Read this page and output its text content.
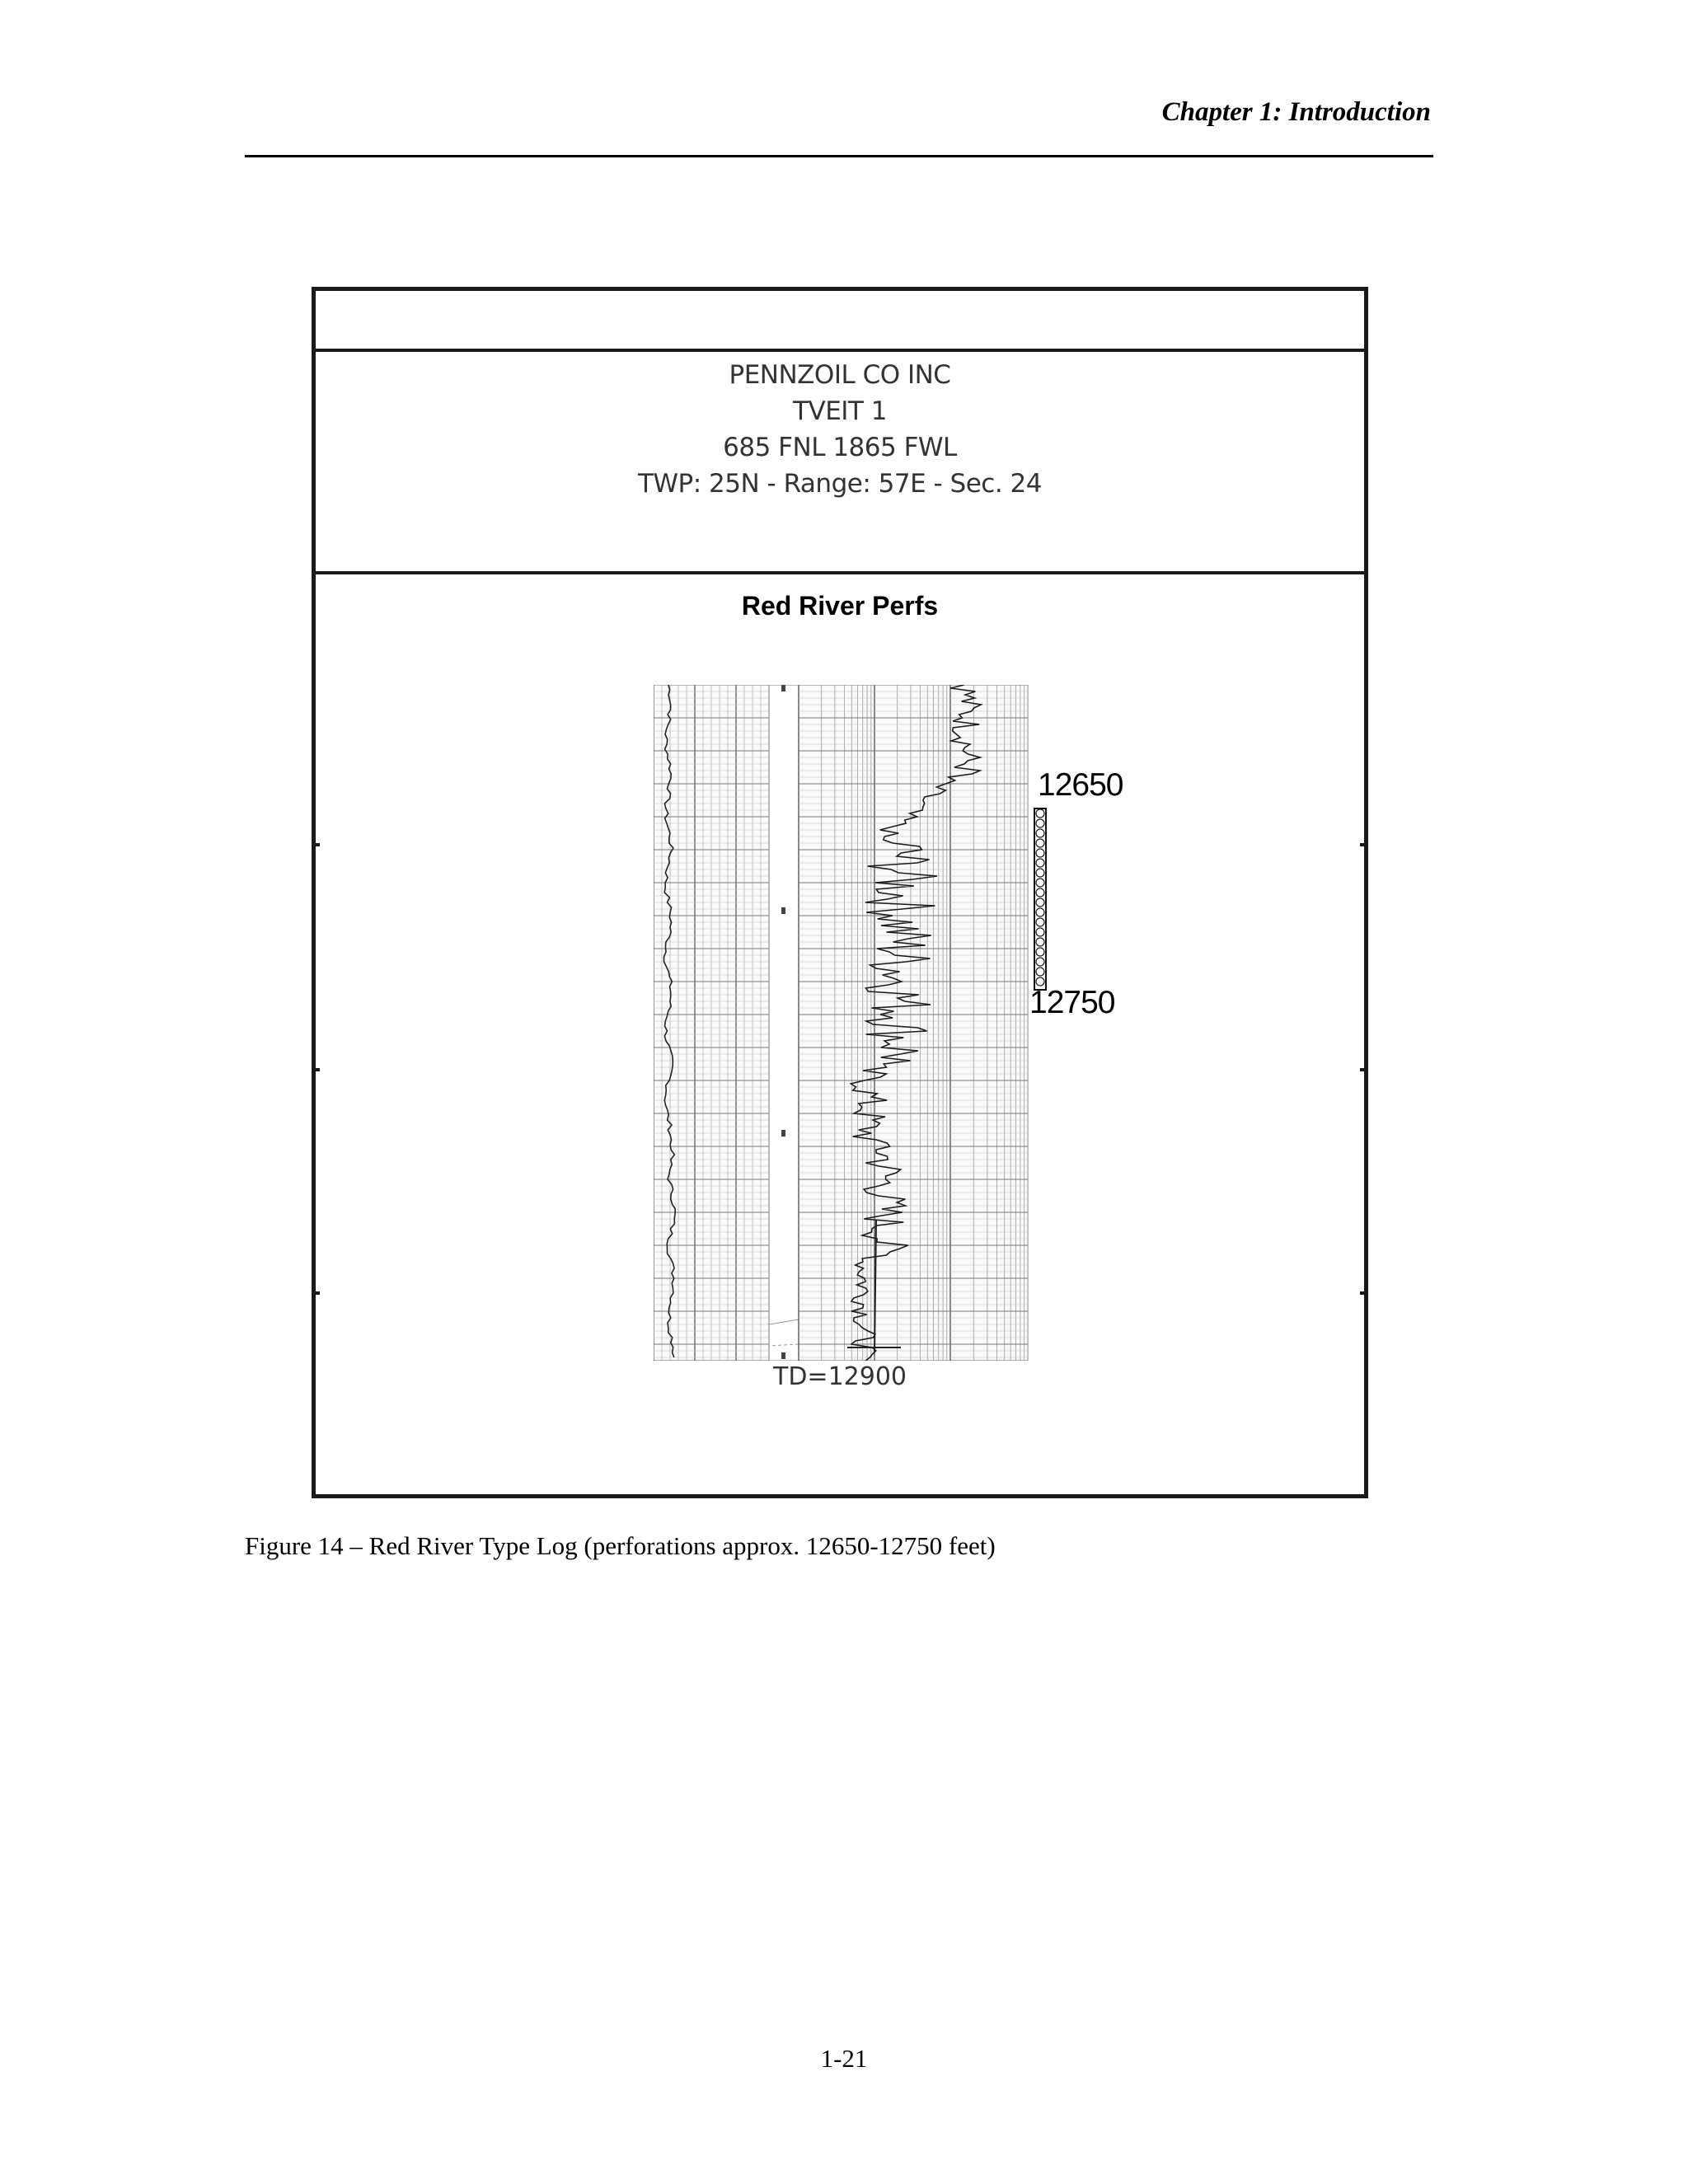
Chapter 1: Introduction
PENNZOIL CO INC
TVEIT 1
685 FNL 1865 FWL
TWP: 25N - Range: 57E - Sec. 24
Red River Perfs
12650
12750
TD=12900
Figure 14 – Red River Type Log (perforations approx. 12650-12750 feet)
1-21
